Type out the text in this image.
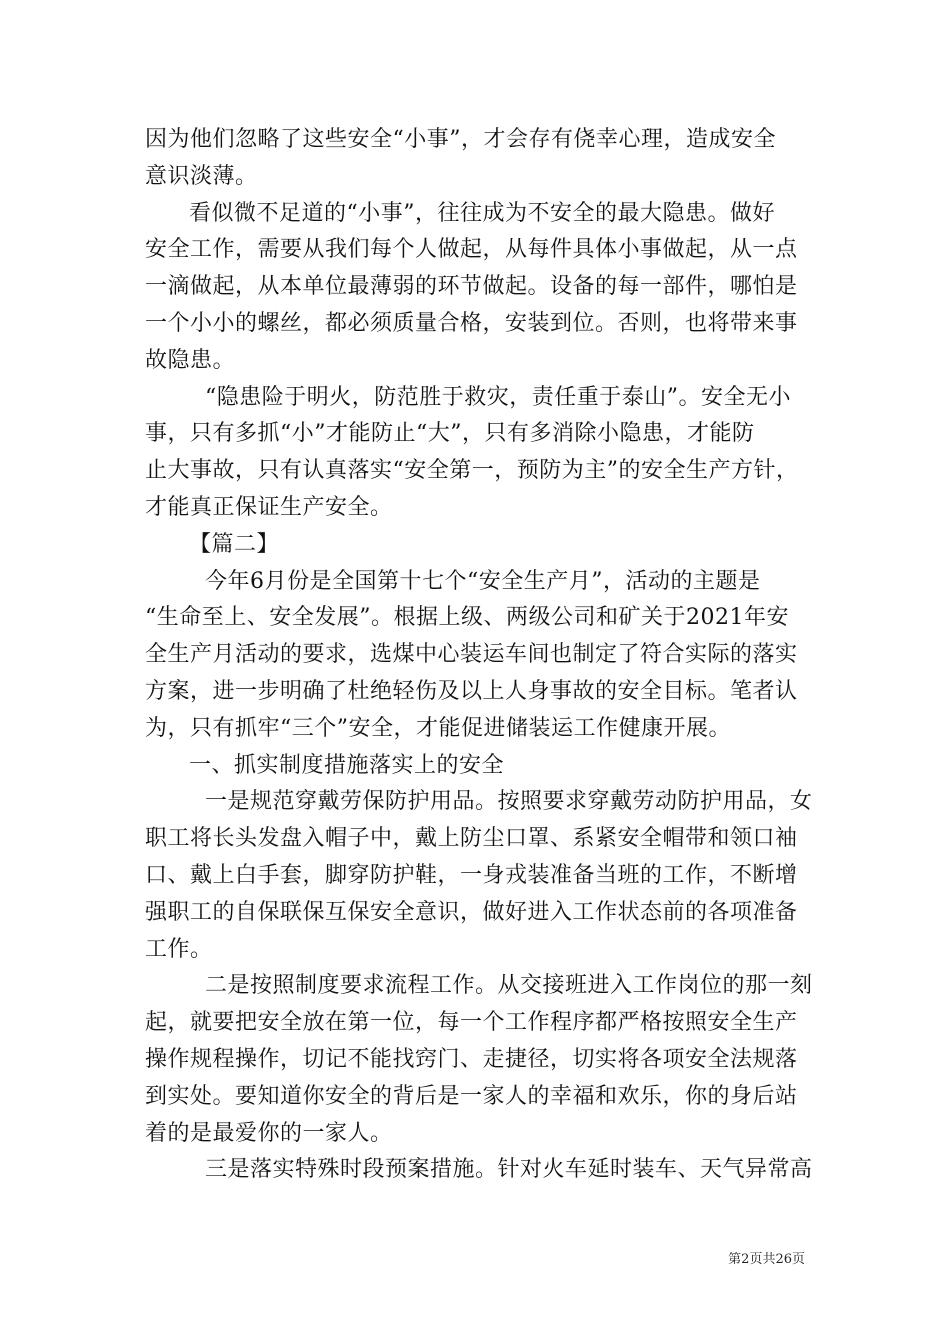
因为他们忽略了这些安全“小事”，才会存有侥幸心理，造成安全
意识淡薄。
看似微不足道的“小事”，往往成为不安全的最大隐患。做好
安全工作，需要从我们每个人做起，从每件具体小事做起，从一点
一滴做起，从本单位最薄弱的环节做起。设备的每一部件，哪怕是
一个小小的螺丝，都必须质量合格，安装到位。否则，也将带来事
故隐患。
“隐患险于明火，防范胜于救灾，责任重于泰山”。安全无小
事，只有多抓“小”才能防止“大”，只有多消除小隐患，才能防
止大事故，只有认真落实“安全第一，预防为主”的安全生产方针，
才能真正保证生产安全。
【篇二】
今年6月份是全国第十七个“安全生产月”，活动的主题是
“生命至上、安全发展”。根据上级、两级公司和矿关于2021年安
全生产月活动的要求，选煤中心装运车间也制定了符合实际的落实
方案，进一步明确了杜绝轻伤及以上人身事故的安全目标。笔者认
为，只有抓牢“三个”安全，才能促进储装运工作健康开展。
一、抓实制度措施落实上的安全
一是规范穿戴劳保防护用品。按照要求穿戴劳动防护用品，女
职工将长头发盘入帽子中，戴上防尘口罩、系紧安全帽带和领口袖
口、戴上白手套，脚穿防护鞋，一身戎装准备当班的工作，不断增
强职工的自保联保互保安全意识，做好进入工作状态前的各项准备
工作。
二是按照制度要求流程工作。从交接班进入工作岗位的那一刻
起，就要把安全放在第一位，每一个工作程序都严格按照安全生产
操作规程操作，切记不能找窍门、走捷径，切实将各项安全法规落
到实处。要知道你安全的背后是一家人的幸福和欢乐，你的身后站
着的是最爱你的一家人。
三是落实特殊时段预案措施。针对火车延时装车、天气异常高
第2页共26页
